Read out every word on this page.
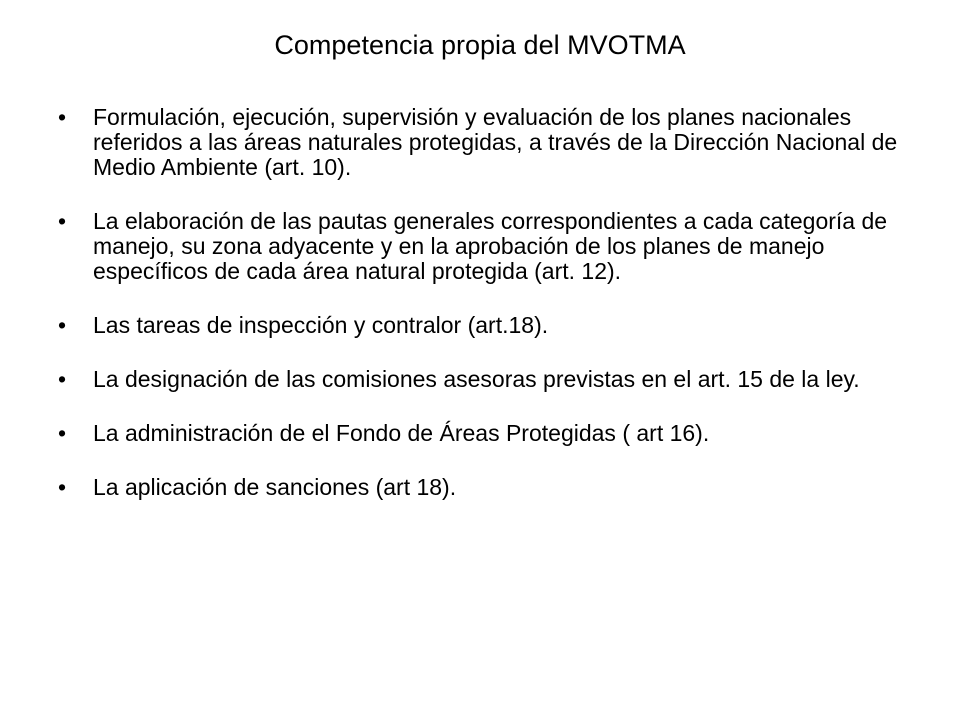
Competencia propia del MVOTMA
•	Formulación, ejecución, supervisión y evaluación de los planes nacionales referidos a las áreas naturales protegidas, a través de la Dirección Nacional de Medio Ambiente (art. 10).
•	La elaboración de las pautas generales correspondientes a cada categoría de manejo, su zona adyacente y en la aprobación de los planes de manejo específicos de cada área natural protegida (art. 12).
•	Las tareas de inspección y contralor (art.18).
•	La designación de las comisiones asesoras previstas en el art. 15 de la ley.
•	La administración de el Fondo de Áreas Protegidas ( art 16).
•	La aplicación de sanciones (art 18).
